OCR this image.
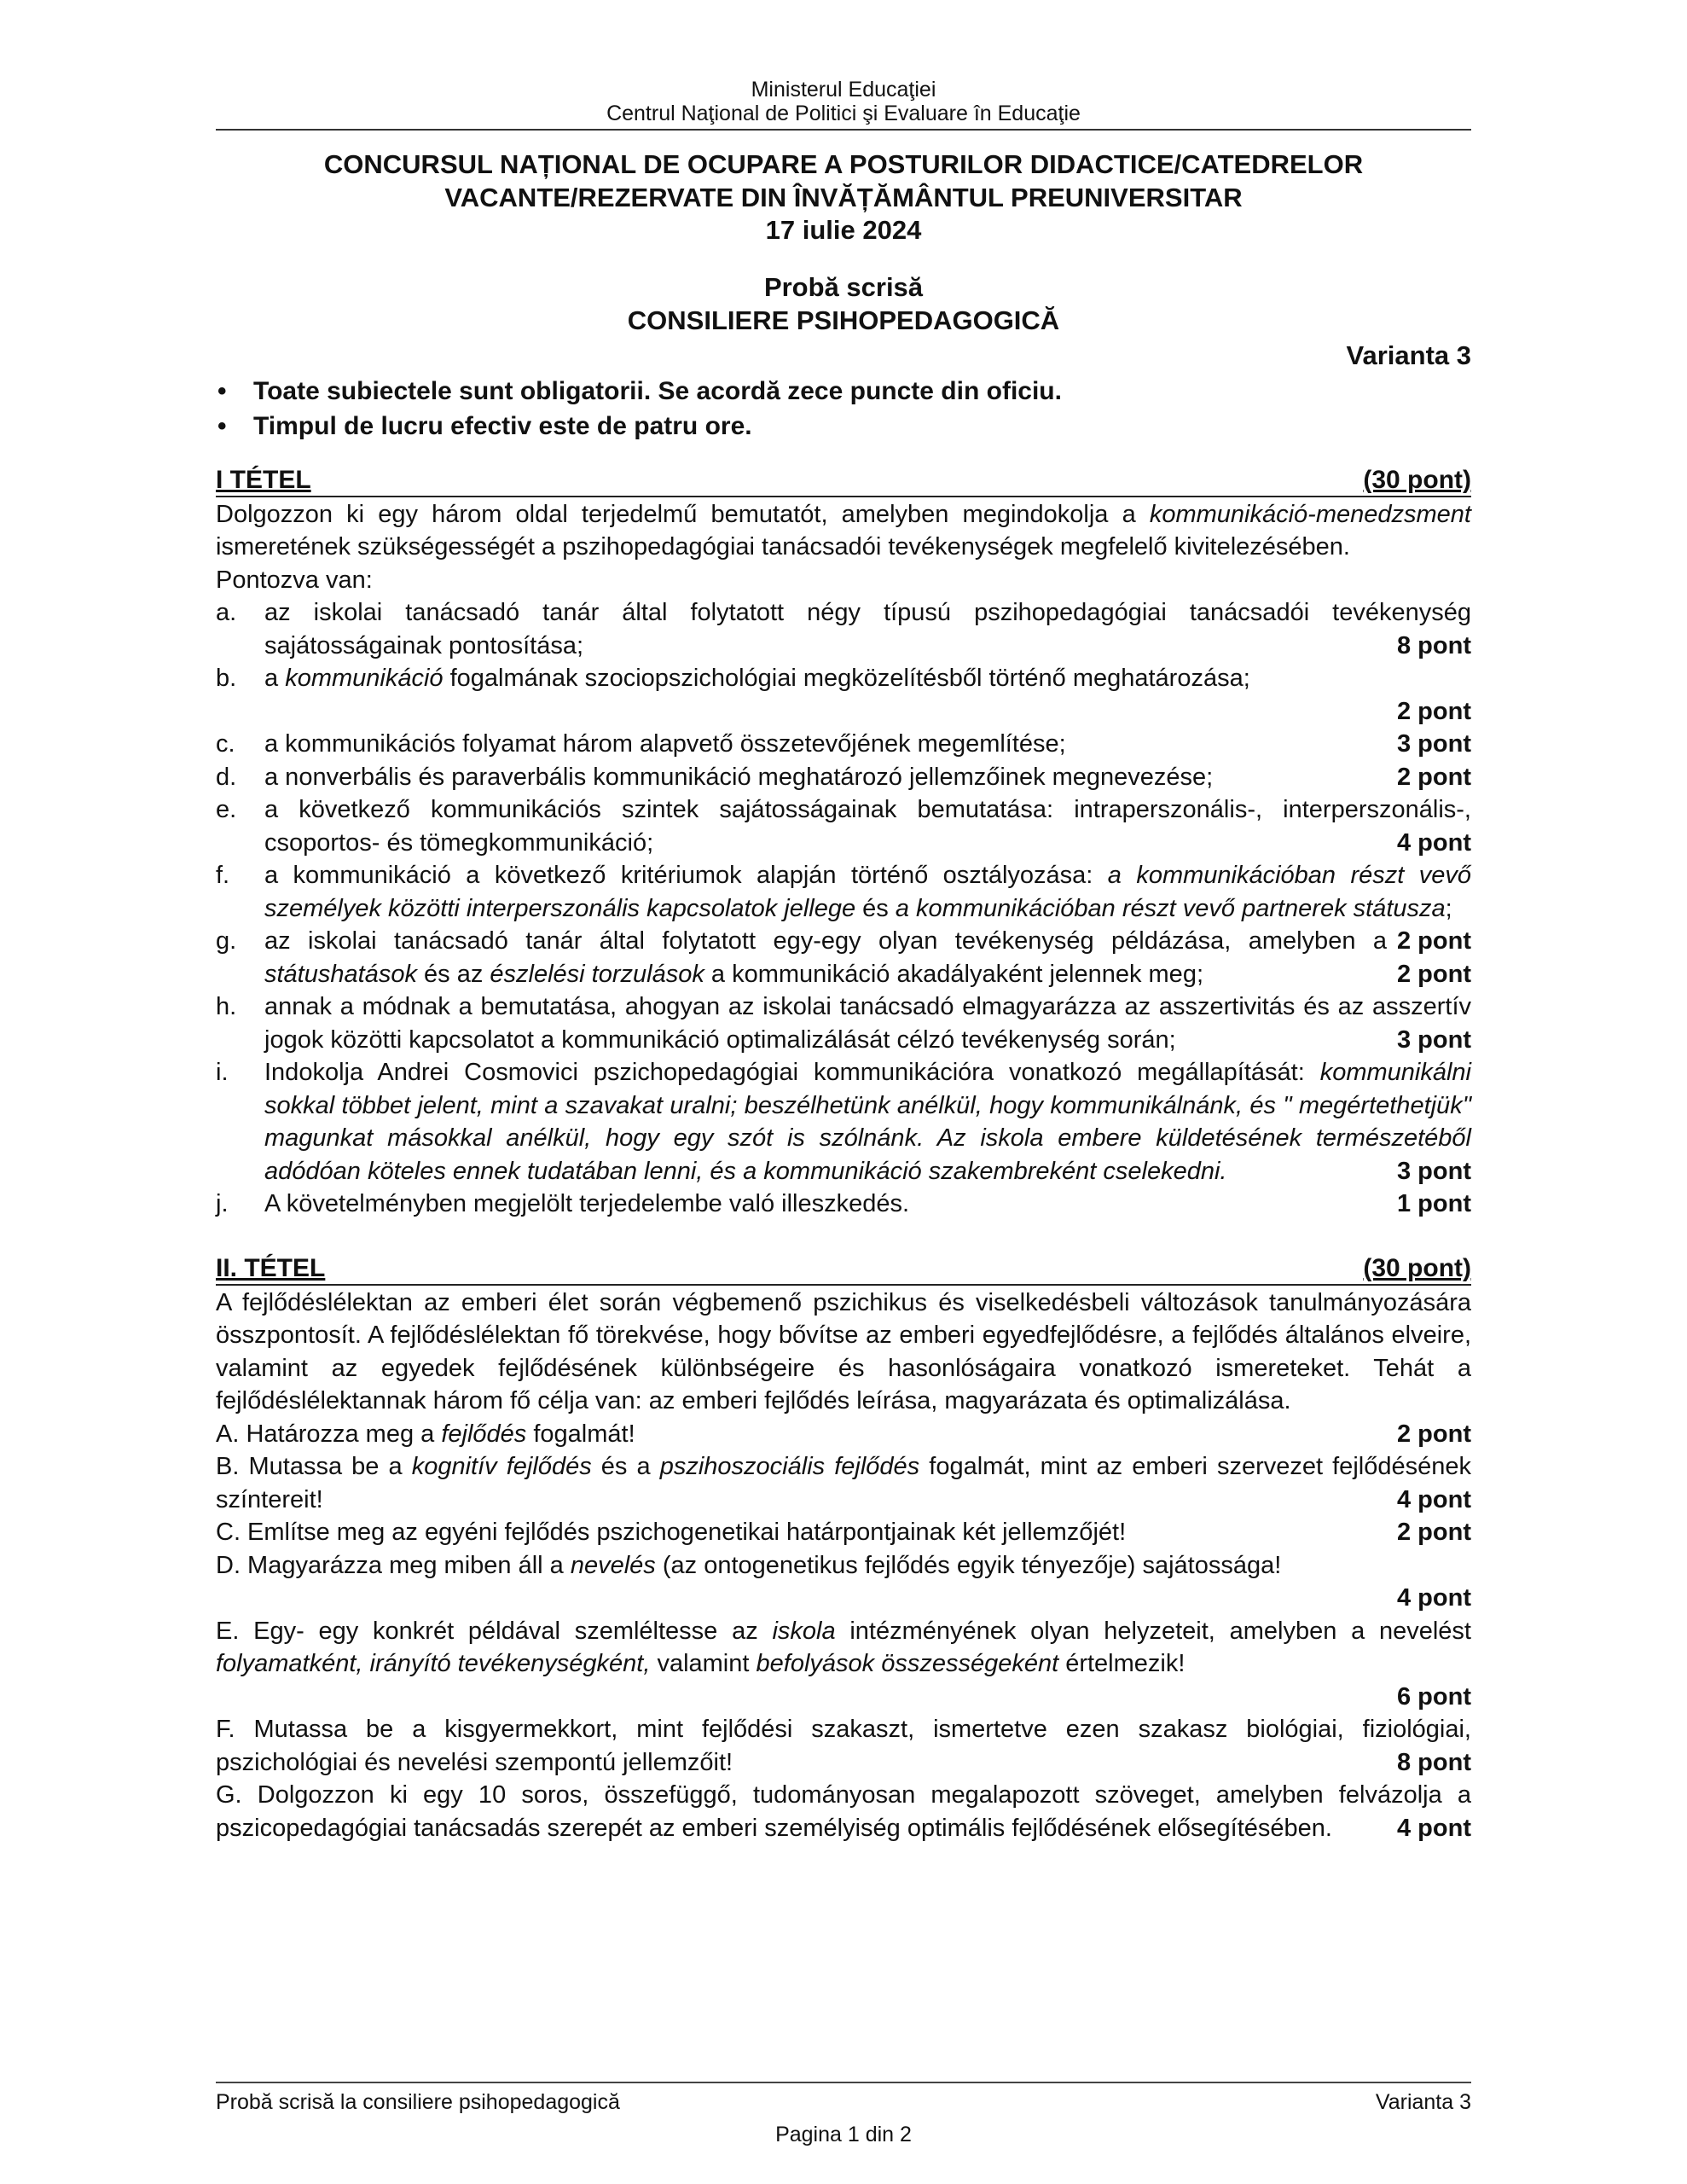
Ministerul Educaţiei
Centrul Naţional de Politici şi Evaluare în Educaţie
CONCURSUL NAȚIONAL DE OCUPARE A POSTURILOR DIDACTICE/CATEDRELOR
VACANTE/REZERVATE DIN ÎNVĂȚĂMÂNTUL PREUNIVERSITAR
17 iulie 2024
Probă scrisă
CONSILIERE PSIHOPEDAGOGICĂ
Varianta 3
• Toate subiectele sunt obligatorii. Se acordă zece puncte din oficiu.
• Timpul de lucru efectiv este de patru ore.
I TÉTEL	(30 pont)
Dolgozzon ki egy három oldal terjedelmű bemutatót, amelyben megindokolja a kommunikáció-menedzsment ismeretének szükségességét a pszihopedagógiai tanácsadói tevékenységek megfelelő kivitelezésében.
Pontozva van:
a. az iskolai tanácsadó tanár által folytatott négy típusú pszihopedagógiai tanácsadói tevékenység sajátosságainak pontosítása;	8 pont
b. a kommunikáció fogalmának szociopszichológiai megközelítésből történő meghatározása;
2 pont
c. a kommunikációs folyamat három alapvető összetevőjének megemlítése;	3 pont
d. a nonverbális és paraverbális kommunikáció meghatározó jellemzőinek megnevezése;	2 pont
e. a következő kommunikációs szintek sajátosságainak bemutatása: intraperszonális-, interperszonális-, csoportos- és tömegkommunikáció;	4 pont
f. a kommunikáció a következő kritériumok alapján történő osztályozása: a kommunikációban részt vevő személyek közötti interperszonális kapcsolatok jellege és a kommunikációban részt vevő partnerek státusza;
2 pont
g. az iskolai tanácsadó tanár által folytatott egy-egy olyan tevékenység példázása, amelyben a státushatások és az észlelési torzulások a kommunikáció akadályaként jelennek meg;	2 pont
h. annak a módnak a bemutatása, ahogyan az iskolai tanácsadó elmagyarázza az asszertivitás és az asszertív jogok közötti kapcsolatot a kommunikáció optimalizálását célzó tevékenység során;	3 pont
i. Indokolja Andrei Cosmovici pszichopedagógiai kommunikációra vonatkozó megállapítását: kommunikálni sokkal többet jelent, mint a szavakat uralni; beszélhetünk anélkül, hogy kommunikálnánk, és " megértethetjük" magunkat másokkal anélkül, hogy egy szót is szólnánk. Az iskola embere küldetésének természetéből adódóan köteles ennek tudatában lenni, és a kommunikáció szakembreként cselekedni.	3 pont
j. A követelményben megjelölt terjedelembe való illeszkedés.	1 pont
II. TÉTEL	(30 pont)
A fejlődéslélektan az emberi élet során végbemenő pszichikus és viselkedésbeli változások tanulmányozására összpontosít. A fejlődéslélektan fő törekvése, hogy bővítse az emberi egyedfejlődésre, a fejlődés általános elveire, valamint az egyedek fejlődésének különbségeire és hasonlóságaira vonatkozó ismereteket. Tehát a fejlődéslélektannak három fő célja van: az emberi fejlődés leírása, magyarázata és optimalizálása.
A. Határozza meg a fejlődés fogalmát!	2 pont
B. Mutassa be a kognitív fejlődés és a pszihoszociális fejlődés fogalmát, mint az emberi szervezet fejlődésének színtereit!	4 pont
C. Említse meg az egyéni fejlődés pszichogenetikai határpontjainak két jellemzőjét!	2 pont
D. Magyarázza meg miben áll a nevelés (az ontogenetikus fejlődés egyik tényezője) sajátossága!
4 pont
E. Egy- egy konkrét példával szemléltesse az iskola intézményének olyan helyzeteit, amelyben a nevelést folyamatként, irányító tevékenységként, valamint befolyások összességeként értelmezik!
6 pont
F. Mutassa be a kisgyermekkort, mint fejlődési szakaszt, ismertetve ezen szakasz biológiai, fiziológiai, pszichológiai és nevelési szempontú jellemzőit!	8 pont
G. Dolgozzon ki egy 10 soros, összefüggő, tudományosan megalapozott szöveget, amelyben felvázolja a pszicopedagógiai tanácsadás szerepét az emberi személyiség optimális fejlődésének elősegítésében.	4 pont
Probă scrisă la consiliere psihopedagogică	Varianta 3
Pagina 1 din 2
